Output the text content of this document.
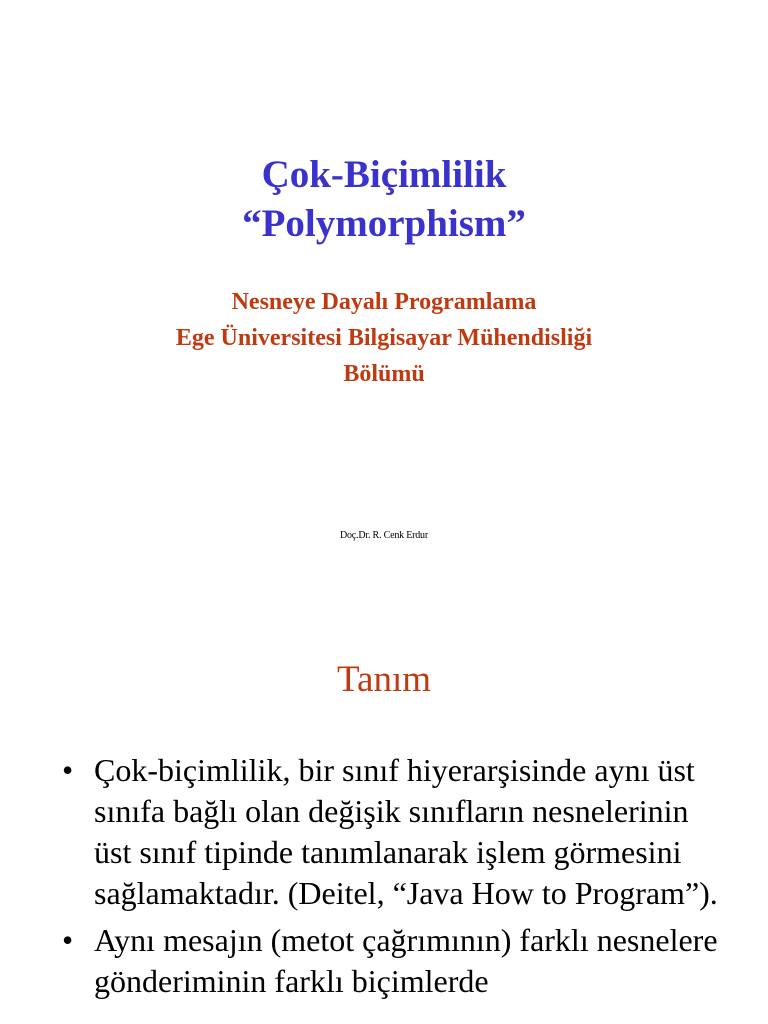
Çok-Biçimlilik
“Polymorphism”
Nesneye Dayalı Programlama
Ege Üniversitesi Bilgisayar Mühendisliği
Bölümü
Doç.Dr. R. Cenk Erdur
Tanım
• Çok-biçimlilik, bir sınıf hiyerarşisinde aynı üst sınıfa bağlı olan değişik sınıfların nesnelerinin üst sınıf tipinde tanımlanarak işlem görmesini sağlamaktadır. (Deitel, “Java How to Program”).
• Aynı mesajın (metot çağrımının) farklı nesnelere gönderiminin farklı biçimlerde
